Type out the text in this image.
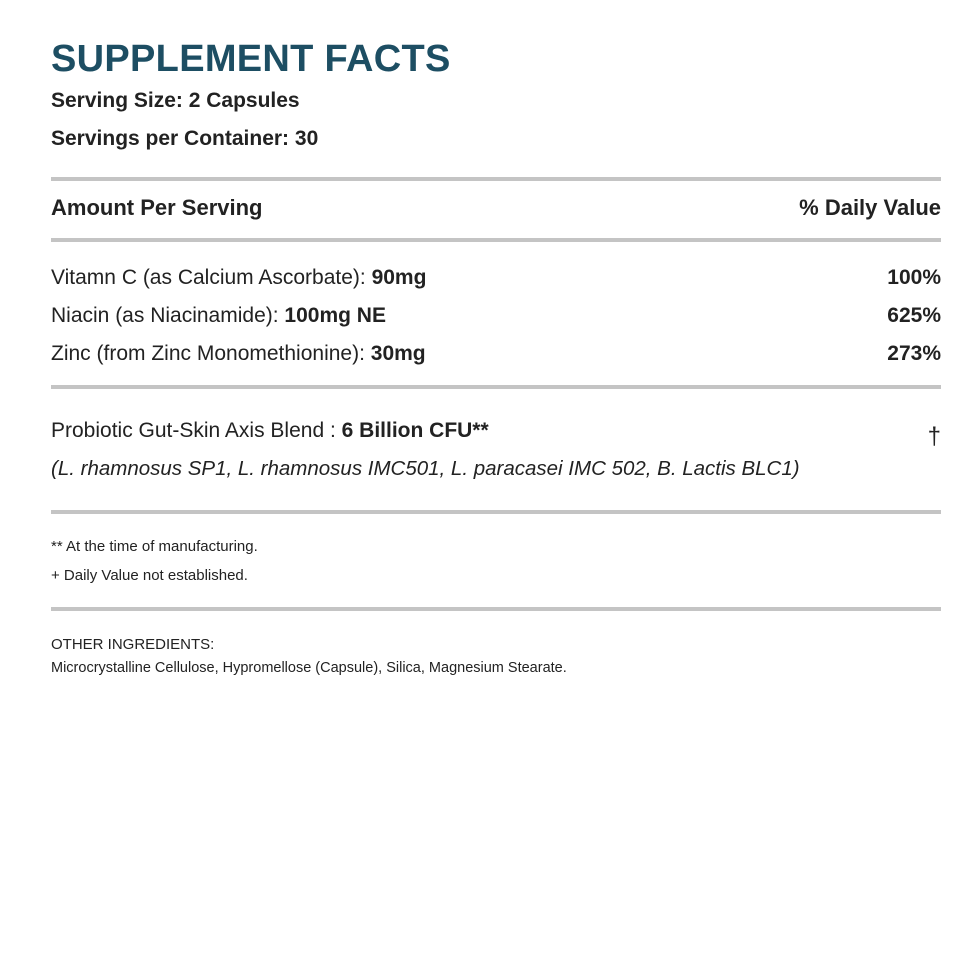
SUPPLEMENT FACTS
Serving Size: 2 Capsules
Servings per Container: 30
Amount Per Serving	% Daily Value
Vitamn C (as Calcium Ascorbate): 90mg	100%
Niacin (as Niacinamide): 100mg NE	625%
Zinc (from Zinc Monomethionine): 30mg	273%
Probiotic Gut-Skin Axis Blend : 6 Billion CFU**	†
(L. rhamnosus SP1, L. rhamnosus IMC501, L. paracasei IMC 502, B. Lactis BLC1)
** At the time of manufacturing.
+ Daily Value not established.
OTHER INGREDIENTS:
Microcrystalline Cellulose, Hypromellose (Capsule), Silica, Magnesium Stearate.
